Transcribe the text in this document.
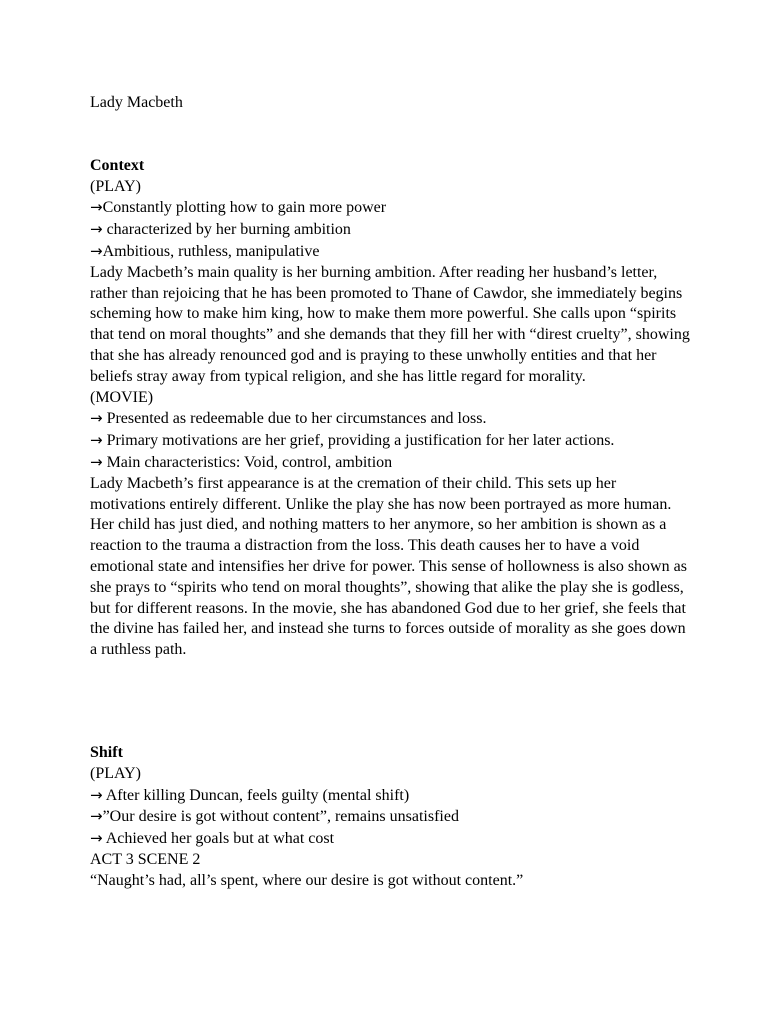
Lady Macbeth
Context
(PLAY)
→Constantly plotting how to gain more power
→ characterized by her burning ambition
→Ambitious, ruthless, manipulative

Lady Macbeth’s main quality is her burning ambition. After reading her husband’s letter, rather than rejoicing that he has been promoted to Thane of Cawdor, she immediately begins scheming how to make him king, how to make them more powerful. She calls upon “spirits that tend on moral thoughts” and she demands that they fill her with “direst cruelty”, showing that she has already renounced god and is praying to these unwholly entities and that her beliefs stray away from typical religion, and she has little regard for morality.

(MOVIE)
→ Presented as redeemable due to her circumstances and loss.
→ Primary motivations are her grief, providing a justification for her later actions.
→ Main characteristics: Void, control, ambition

Lady Macbeth’s first appearance is at the cremation of their child. This sets up her motivations entirely different. Unlike the play she has now been portrayed as more human. Her child has just died, and nothing matters to her anymore, so her ambition is shown as a reaction to the trauma a distraction from the loss. This death causes her to have a void emotional state and intensifies her drive for power. This sense of hollowness is also shown as she prays to “spirits who tend on moral thoughts”, showing that alike the play she is godless, but for different reasons. In the movie, she has abandoned God due to her grief, she feels that the divine has failed her, and instead she turns to forces outside of morality as she goes down a ruthless path.

Shift
(PLAY)
→ After killing Duncan, feels guilty (mental shift)
→”Our desire is got without content”, remains unsatisfied
→ Achieved her goals but at what cost
ACT 3 SCENE 2
“Naught’s had, all’s spent, where our desire is got without content.”
